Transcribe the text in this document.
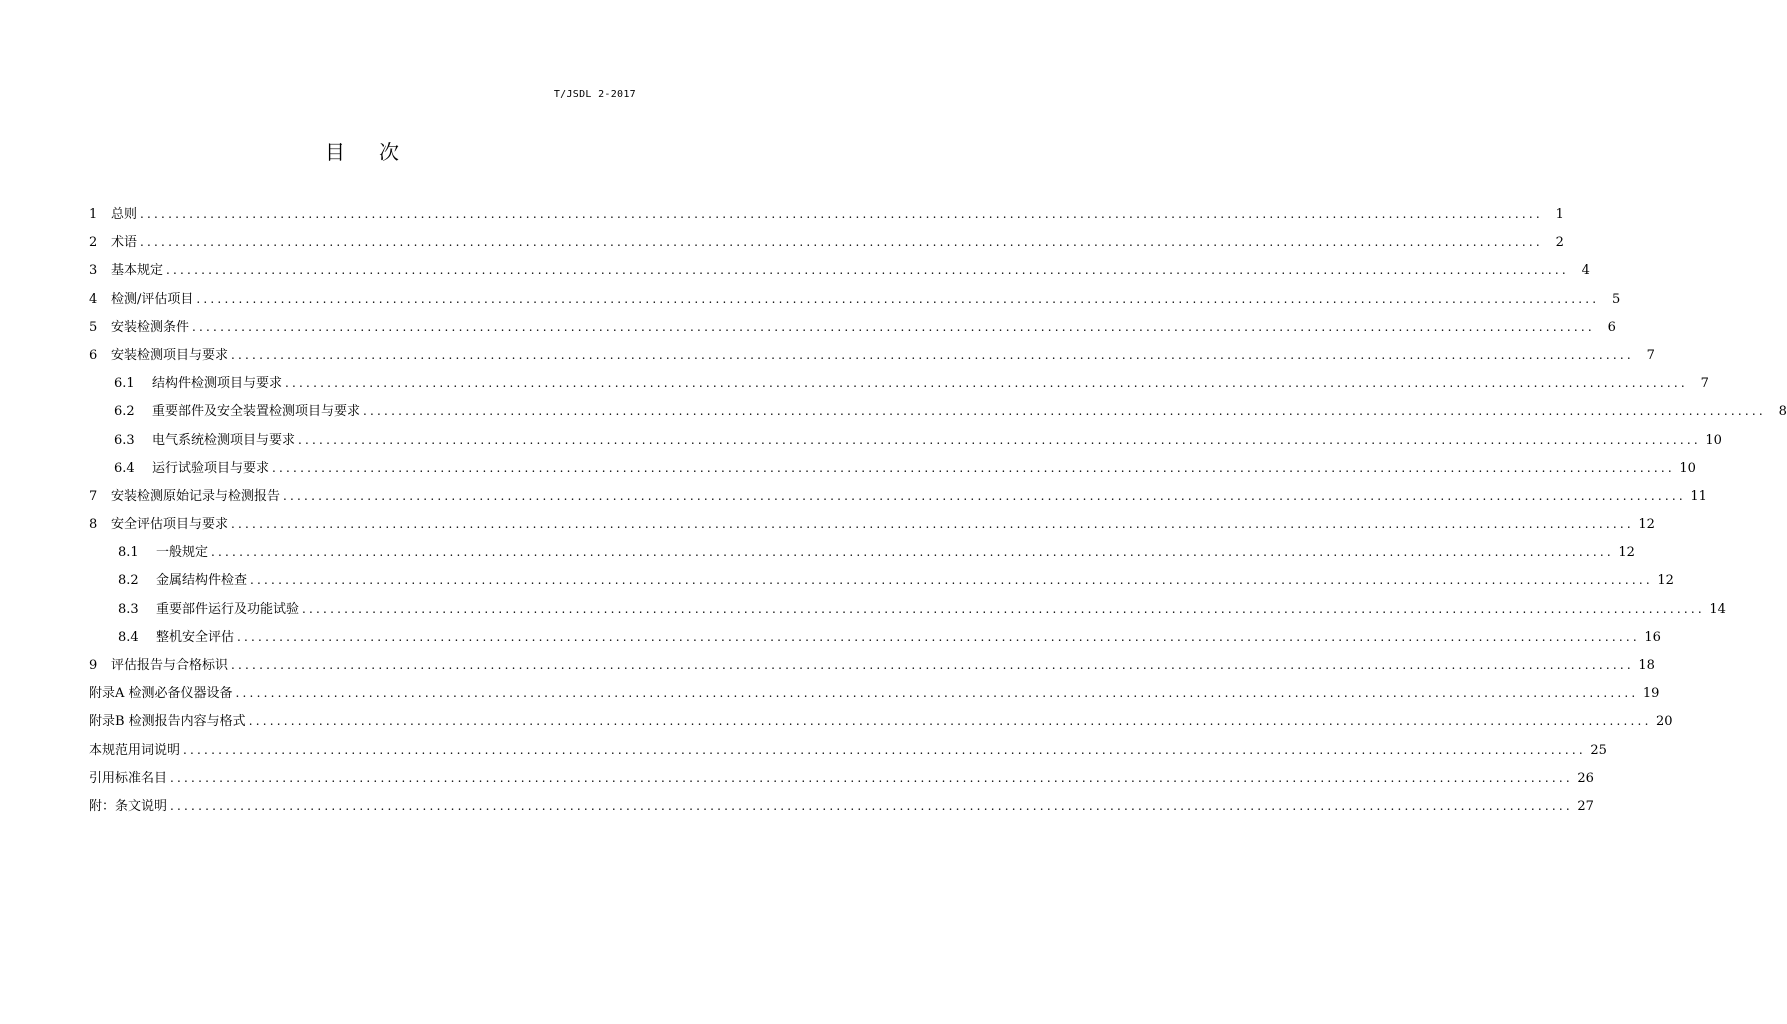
T/JSDL 2-2017
目次
1	总则 ........................................................................................................................................................................................................ 1
2	术语 ........................................................................................................................................................................................................ 2
3	基本规定 ........................................................................................................................................................................................................ 4
4	检测/评估项目 ........................................................................................................................................................................................................ 5
5	安装检测条件 ........................................................................................................................................................................................................ 6
6	安装检测项目与要求 ........................................................................................................................................................................................................ 7
6.1	结构件检测项目与要求 ........................................................................................................................................................................................................ 7
6.2	重要部件及安全装置检测项目与要求 ........................................................................................................................................................................................................ 8
6.3	电气系统检测项目与要求 ........................................................................................................................................................................................................ 10
6.4	运行试验项目与要求 ........................................................................................................................................................................................................ 10
7	安装检测原始记录与检测报告 ........................................................................................................................................................................................................ 11
8	安全评估项目与要求 ........................................................................................................................................................................................................ 12
8.1	一般规定 ........................................................................................................................................................................................................ 12
8.2	金属结构件检查 ........................................................................................................................................................................................................ 12
8.3	重要部件运行及功能试验 ........................................................................................................................................................................................................ 14
8.4	整机安全评估 ........................................................................................................................................................................................................ 16
9	评估报告与合格标识 ........................................................................................................................................................................................................ 18
附录A 检测必备仪器设备 ........................................................................................................................................................................................................ 19
附录B 检测报告内容与格式 ........................................................................................................................................................................................................ 20
本规范用词说明 ........................................................................................................................................................................................................ 25
引用标准名目 ........................................................................................................................................................................................................ 26
附：条文说明 ........................................................................................................................................................................................................ 27
